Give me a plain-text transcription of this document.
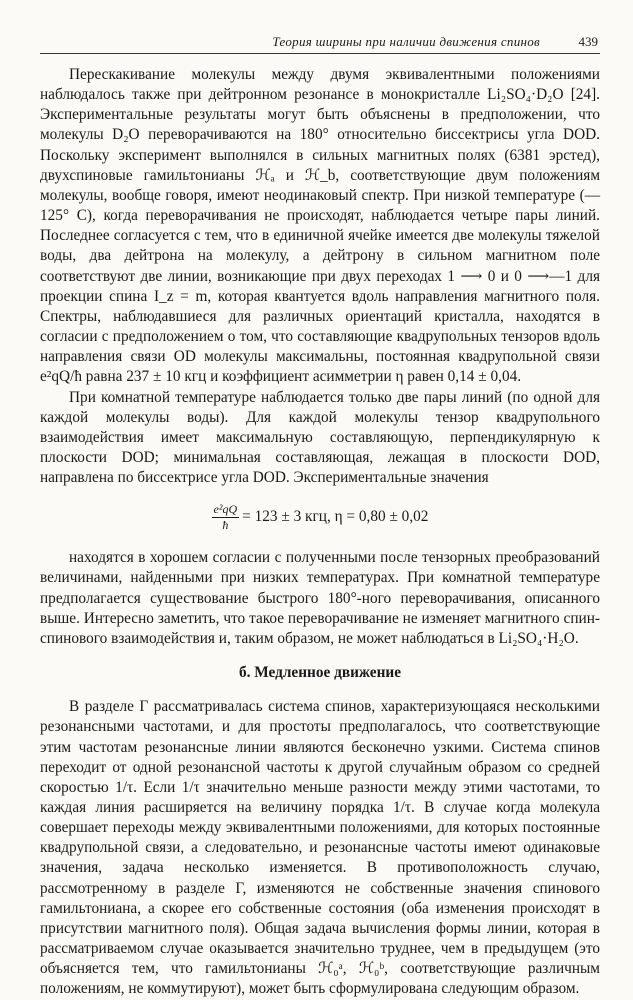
Теория ширины при наличии движения спинов	439

Перескакивание молекулы между двумя эквивалентными положениями наблюдалось также при дейтронном резонансе в монокристалле Li₂SO₄·D₂O [24]. Экспериментальные результаты могут быть объяснены в предположении, что молекулы D₂O переворачиваются на 180° относительно биссектрисы угла DOD. Поскольку эксперимент выполнялся в сильных магнитных полях (6381 эрстед), двухспиновые гамильтонианы ℋₐ и ℋ_b, соответствующие двум положениям молекулы, вообще говоря, имеют неодинаковый спектр. При низкой температуре (—125° C), когда переворачивания не происходят, наблюдается четыре пары линий. Последнее согласуется с тем, что в единичной ячейке имеется две молекулы тяжелой воды, два дейтрона на молекулу, а дейтрону в сильном магнитном поле соответствуют две линии, возникающие при двух переходах 1 ⟶ 0 и 0 ⟶—1 для проекции спина I_z = m, которая квантуется вдоль направления магнитного поля. Спектры, наблюдавшиеся для различных ориентаций кристалла, находятся в согласии с предположением о том, что составляющие квадрупольных тензоров вдоль направления связи OD молекулы максимальны, постоянная квадрупольной связи e²qQ/ħ равна 237 ± 10 кгц и коэффициент асимметрии η равен 0,14 ± 0,04.

При комнатной температуре наблюдается только две пары линий (по одной для каждой молекулы воды). Для каждой молекулы тензор квадрупольного взаимодействия имеет максимальную составляющую, перпендикулярную к плоскости DOD; минимальная составляющая, лежащая в плоскости DOD, направлена по биссектрисе угла DOD. Экспериментальные значения

$\frac{\text{e²qQ}}{ħ} = 123 \pm 3$ кгц, η = 0,80 ± 0,02

находятся в хорошем согласии с полученными после тензорных преобразований величинами, найденными при низких температурах. При комнатной температуре предполагается существование быстрого 180°-ного переворачивания, описанного выше. Интересно заметить, что такое переворачивание не изменяет магнитного спин-спинового взаимодействия и, таким образом, не может наблюдаться в Li₂SO₄·H₂O.

б. Медленное движение

В разделе Г рассматривалась система спинов, характеризующаяся несколькими резонансными частотами, и для простоты предполагалось, что соответствующие этим частотам резонансные линии являются бесконечно узкими. Система спинов переходит от одной резонансной частоты к другой случайным образом со средней скоростью 1/τ. Если 1/τ значительно меньше разности между этими частотами, то каждая линия расширяется на величину порядка 1/τ. В случае когда молекула совершает переходы между эквивалентными положениями, для которых постоянные квадрупольной связи, а следовательно, и резонансные частоты имеют одинаковые значения, задача несколько изменяется. В противоположность случаю, рассмотренному в разделе Г, изменяются не собственные значения спинового гамильтониана, а скорее его собственные состояния (оба изменения происходят в присутствии магнитного поля). Общая задача вычисления формы линии, которая в рассматриваемом случае оказывается значительно труднее, чем в предыдущем (это объясняется тем, что гамильтонианы ℋ₀ᵃ, ℋ₀ᵇ, соответствующие различным положениям, не коммутируют), может быть сформулирована следующим образом.
